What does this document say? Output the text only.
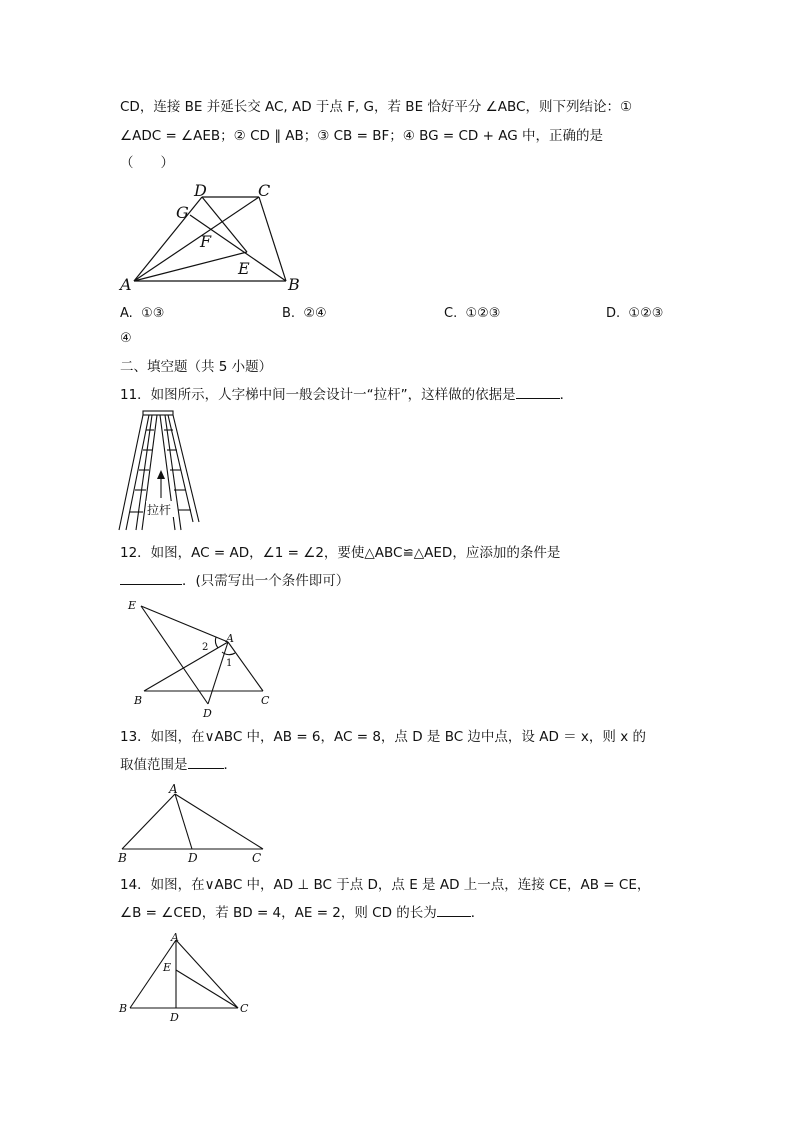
CD，连接 BE 并延长交 AC, AD 于点 F, G，若 BE 恰好平分 ∠ABC，则下列结论：①
∠ADC = ∠AEB；② CD ∥ AB；③ CB = BF；④ BG = CD + AG 中，正确的是
（　　）
D	C
G
F
E
A	B
A. ①③	B. ②④	C. ①②③	D. ①②③
④
二、填空题（共 5 小题）
11．如图所示，人字梯中间一般会设计一“拉杆”，这样做的依据是	．
拉杆
12．如图，AC = AD，∠1 = ∠2，要使△ABC≌△AED，应添加的条件是
．(只需写出一个条件即可）
E
A
2
1
B
D
C
13．如图，在∨ABC 中，AB = 6，AC = 8，点 D 是 BC 边中点，设 AD ＝ x，则 x 的
取值范围是	．
A
B	D	C
14．如图，在∨ABC 中，AD ⊥ BC 于点 D，点 E 是 AD 上一点，连接 CE，AB = CE，
∠B = ∠CED，若 BD = 4，AE = 2，则 CD 的长为	．
A
E
B
D
C
